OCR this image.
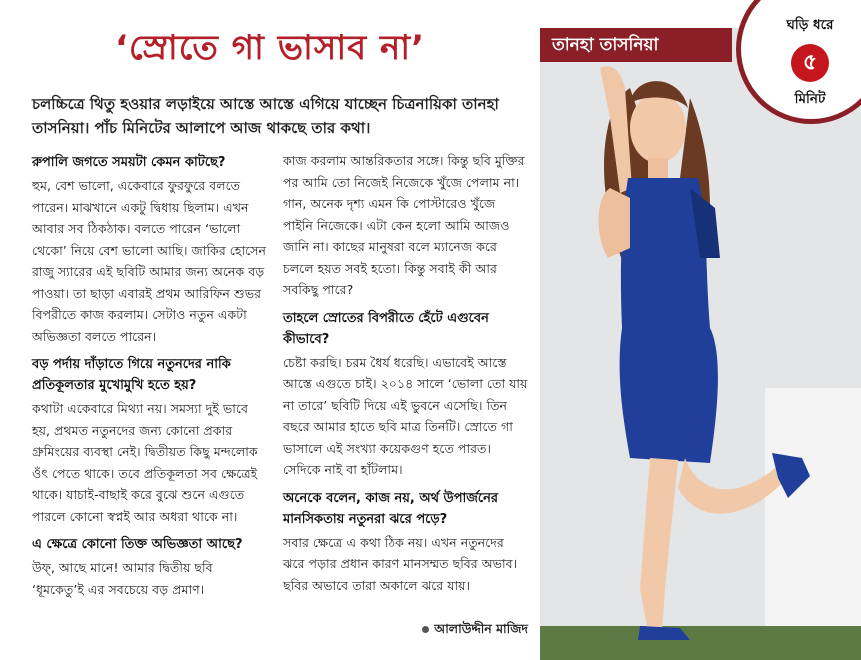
‘স্রোতে গা ভাসাব না’
চলচ্চিত্রে থিতু হওয়ার লড়াইয়ে আস্তে আস্তে এগিয়ে যাচ্ছেন চিত্রনায়িকা তানহা তাসনিয়া। পাঁচ মিনিটের আলাপে আজ থাকছে তার কথা।
রুপালি জগতে সময়টা কেমন কাটছে?

হুম, বেশ ভালো, একেবারে ফুরফুরে বলতে পারেন। মাঝখানে একটু দ্বিধায় ছিলাম। এখন আবার সব ঠিকঠাক। বলতে পারেন ‘ভালো থেকো’ নিয়ে বেশ ভালো আছি। জাকির হোসেন রাজু স্যারের এই ছবিটি আমার জন্য অনেক বড় পাওয়া। তা ছাড়া এবারই প্রথম আরিফিন শুভর বিপরীতে কাজ করলাম। সেটাও নতুন একটা অভিজ্ঞতা বলতে পারেন।

বড় পর্দায় দাঁড়াতে গিয়ে নতুনদের নাকি প্রতিকূলতার মুখোমুখি হতে হয়?

কথাটা একেবারে মিথ্যা নয়। সমস্যা দুই ভাবে হয়, প্রথমত নতুনদের জন্য কোনো প্রকার গ্রুমিংয়ের ব্যবস্থা নেই। দ্বিতীয়ত কিছু মন্দলোক ওঁৎ পেতে থাকে। তবে প্রতিকূলতা সব ক্ষেত্রেই থাকে। যাচাই-বাছাই করে বুঝে শুনে এগুতে পারলে কোনো স্বপ্নই আর অধরা থাকে না।

এ ক্ষেত্রে কোনো তিক্ত অভিজ্ঞতা আছে?

উফ্, আছে মানে! আমার দ্বিতীয় ছবি ‘ধূমকেতু’ই এর সবচেয়ে বড় প্রমাণ।

কাজ করলাম আন্তরিকতার সঙ্গে। কিন্তু ছবি মুক্তির পর আমি তো নিজেই নিজেকে খুঁজে পেলাম না। গান, অনেক দৃশ্য এমন কি পোস্টারেও খুঁজে পাইনি নিজেকে। এটা কেন হলো আমি আজও জানি না। কাছের মানুষরা বলে ম্যানেজ করে চললে হয়ত সবই হতো। কিন্তু সবাই কী আর সবকিছু পারে?

তাহলে স্রোতের বিপরীতে হেঁটে এগুবেন কীভাবে?

চেষ্টা করছি। চরম ধৈর্য ধরেছি। এভাবেই আস্তে আস্তে এগুতে চাই। ২০১৪ সালে ‘ভোলা তো যায় না তারে’ ছবিটি দিয়ে এই ভুবনে এসেছি। তিন বছরে আমার হাতে ছবি মাত্র তিনটি। স্রোতে গা ভাসালে এই সংখ্যা কয়েকগুণ হতে পারত। সেদিকে নাই বা হাঁটলাম।

অনেকে বলেন, কাজ নয়, অর্থ উপার্জনের মানসিকতায় নতুনরা ঝরে পড়ে?

সবার ক্ষেত্রে এ কথা ঠিক নয়। এখন নতুনদের ঝরে পড়ার প্রধান কারণ মানসম্মত ছবির অভাব। ছবির অভাবে তারা অকালে ঝরে যায়।

আলাউদ্দীন মাজিদ
তানহা তাসনিয়া
ঘড়ি ধরে
৫
মিনিট
